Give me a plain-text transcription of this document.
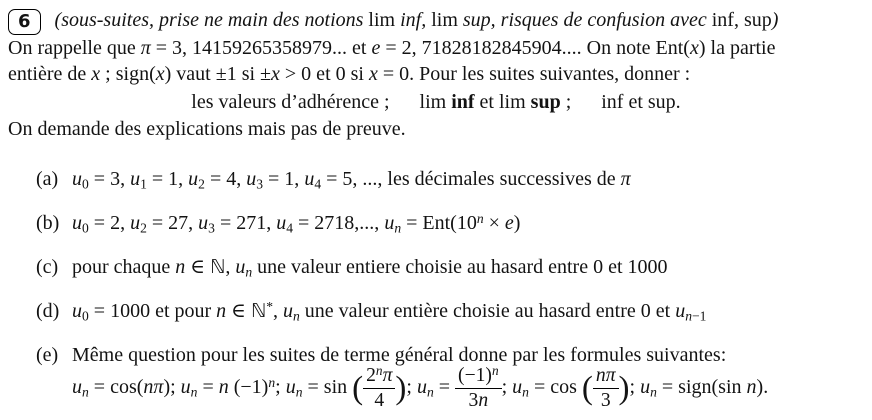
6 (sous-suites, prise ne main des notions lim inf, lim sup, risques de confusion avec inf, sup)
On rappelle que π = 3, 14159265358979... et e = 2, 71828182845904.... On note Ent(x) la partie
entière de x ; sign(x) vaut ±1 si ±x > 0 et 0 si x = 0. Pour les suites suivantes, donner :
les valeurs d’adhérence ; lim inf et lim sup ; inf et sup.
On demande des explications mais pas de preuve.
(a) $u_0 = 3$, $u_1 = 1$, $u_2 = 4$, $u_3 = 1$, $u_4 = 5$, ..., les décimales successives de π
(b) $u_0 = 2$, $u_2 = 27$, $u_3 = 271$, $u_4 = 2718$,..., $u_n = Ent(10^n \times e)$
(c) pour chaque n ∈ ℕ, $u_n$ une valeur entiere choisie au hasard entre 0 et 1000
(d) $u_0 = 1000$ et pour n ∈ ℕ*, $u_n$ une valeur entière choisie au hasard entre 0 et $u_{n-1}$
(e) Même question pour les suites de terme général donne par les formules suivantes:
$u_n = \cos(n\pi)$; $u_n = n$ $(-1)^n$; $u_n = \sin$ ( $\frac{2^n\pi}{4}$ ); $u_n = \frac{(-1)^n}{3n}$ ; $u_n = \cos$ ( $\frac{n\pi}{3}$ ); $u_n$ = sign(sin n).
